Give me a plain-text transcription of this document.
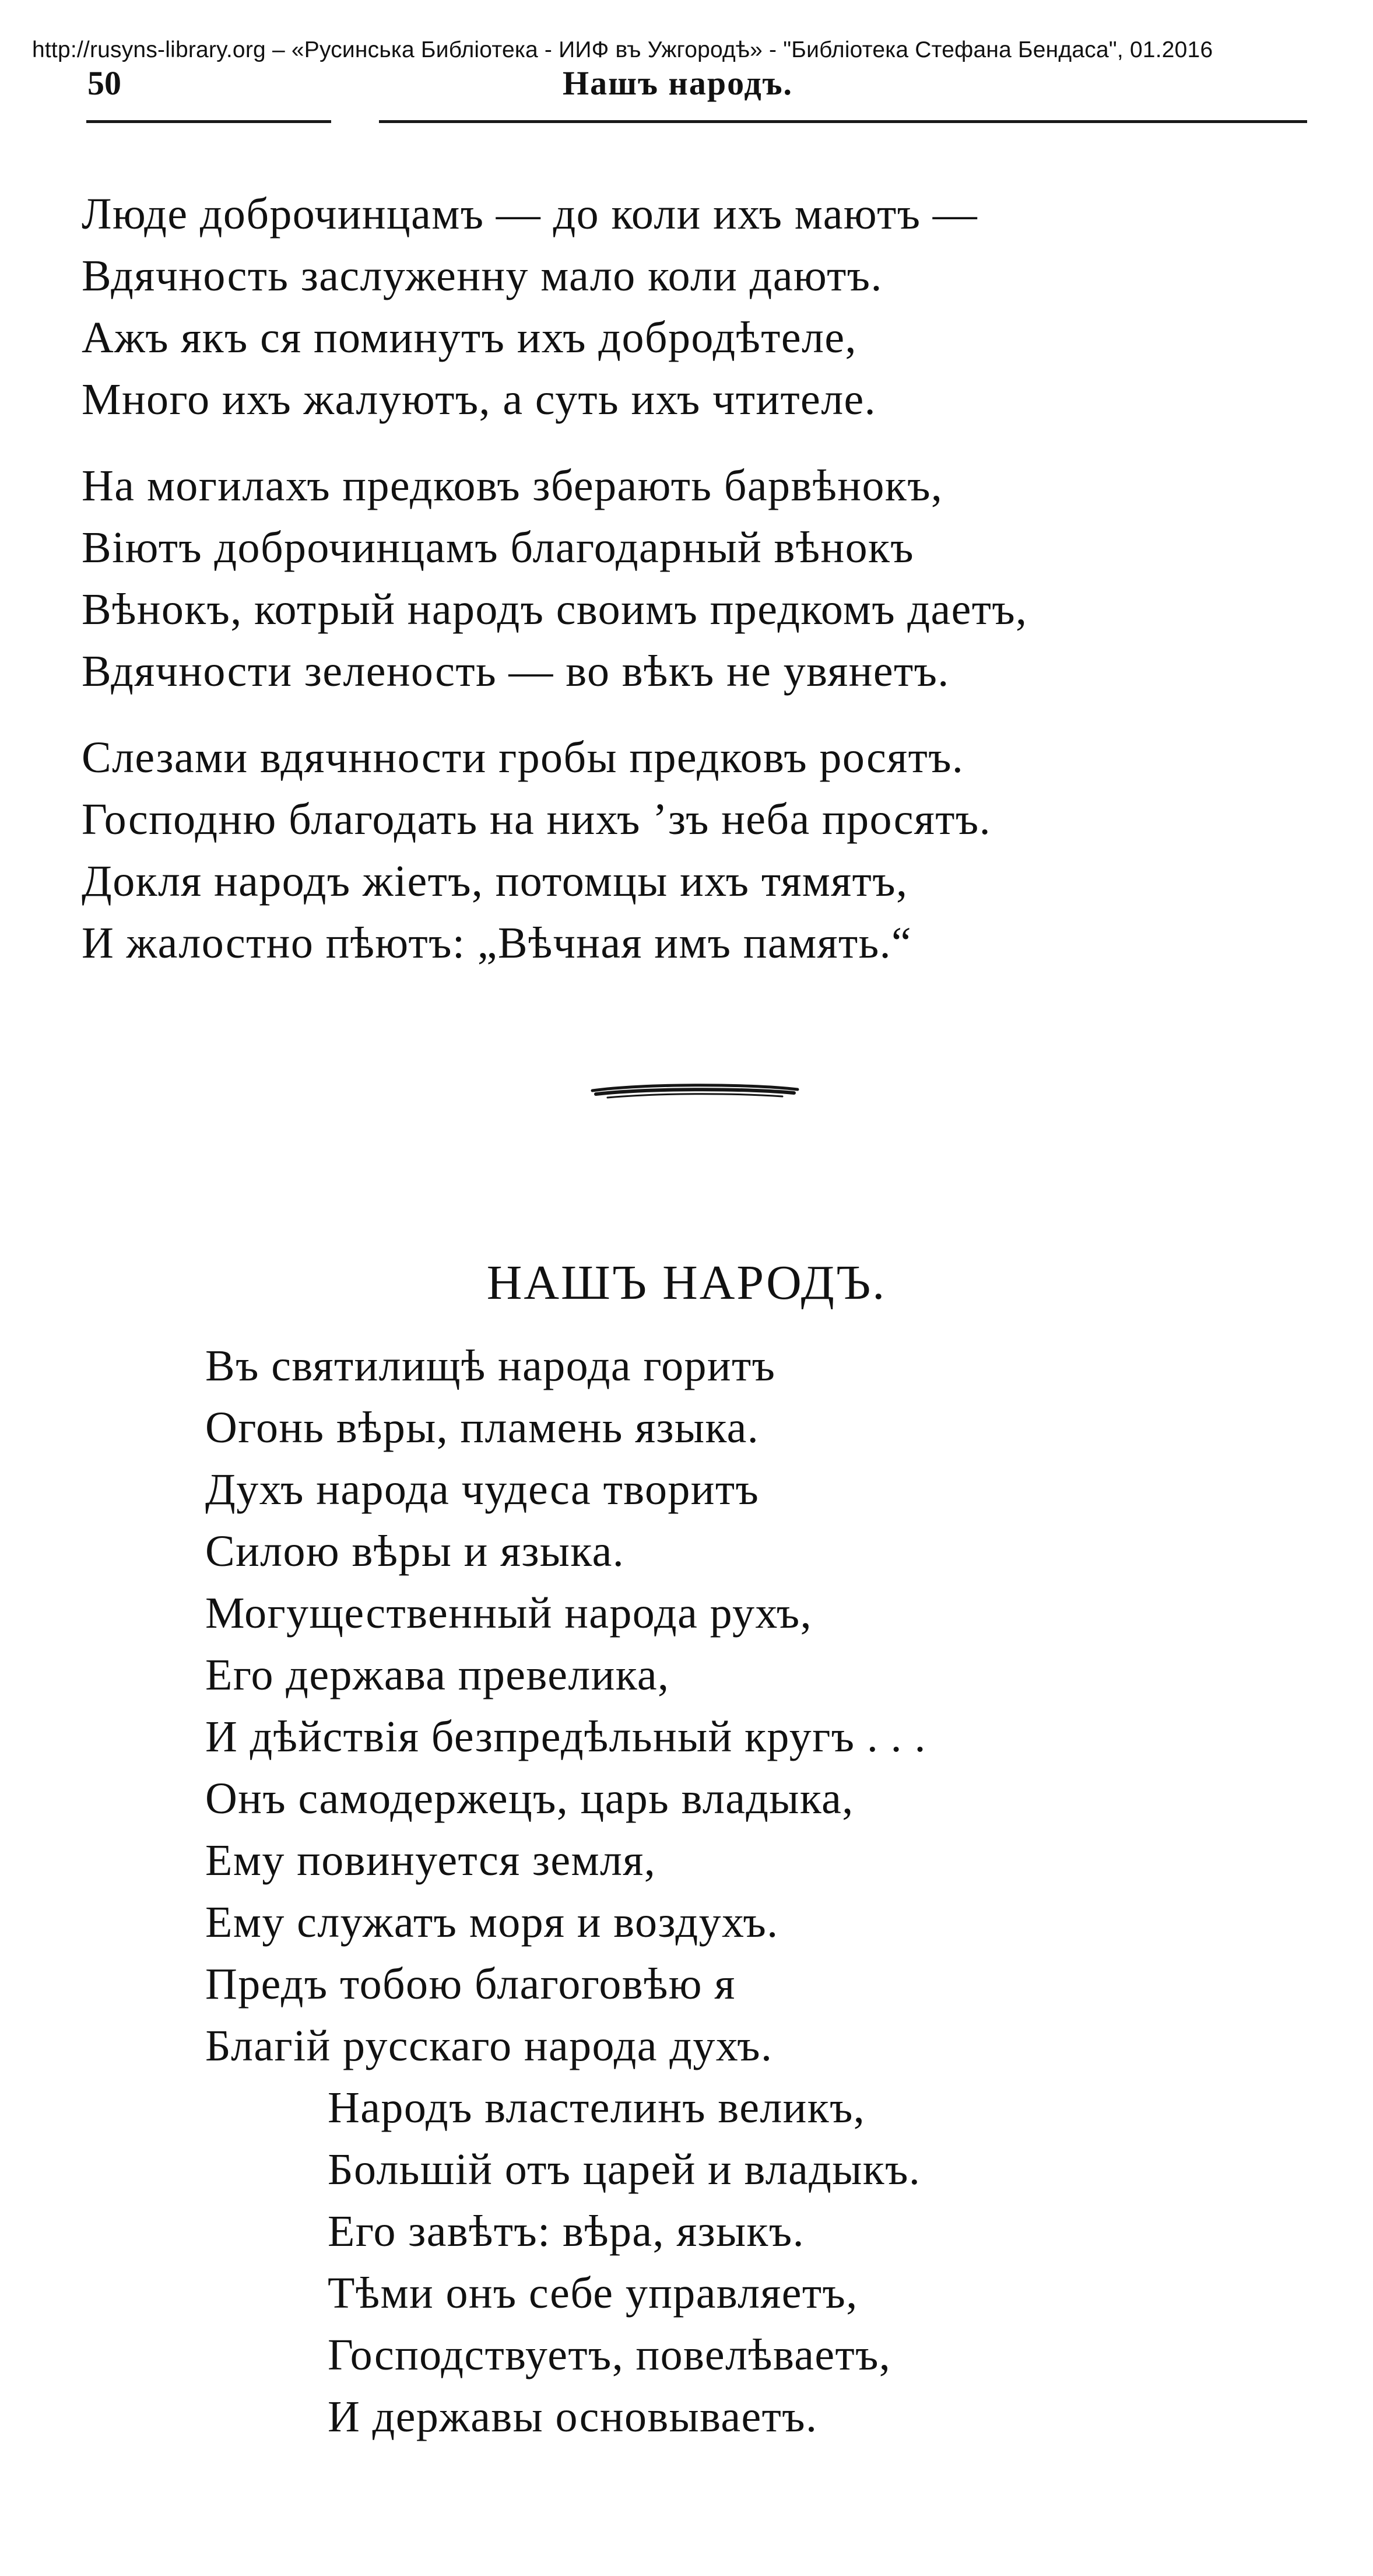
http://rusyns-library.org – «Русинська Библіотека - ИИФ въ Ужгородѣ» - "Библіотека Стефана Бендаса", 01.2016
50	Нашъ народъ.
Люде доброчинцамъ — до коли ихъ маютъ —
Вдячность заслуженну мало коли даютъ.
Ажъ якъ ся поминутъ ихъ добродѣтеле,
Много ихъ жалуютъ, а суть ихъ чтителе.
На могилахъ предковъ зберають барвѣнокъ,
Віютъ доброчинцамъ благодарный вѣнокъ
Вѣнокъ, котрый народъ своимъ предкомъ даетъ,
Вдячности зеленость — во вѣкъ не увянетъ.
Слезами вдячнности гробы предковъ росятъ.
Господню благодать на нихъ ’зъ неба просятъ.
Докля народъ жіетъ, потомцы ихъ тямятъ,
И жалостно пѣютъ: „Вѣчная имъ память.“
НАШЪ НАРОДЪ.
Въ святилищѣ народа горитъ
Огонь вѣры, пламень языка.
Духъ народа чудеса творитъ
Силою вѣры и языка.
Могущественный народа рухъ,
Его держава превелика,
И дѣйствія безпредѣльный кругъ . . .
Онъ самодержецъ, царь владыка,
Ему повинуется земля,
Ему служатъ моря и воздухъ.
Предъ тобою благоговѣю я
Благій русскаго народа духъ.
Народъ властелинъ великъ,
Большій отъ царей и владыкъ.
Его завѣтъ: вѣра, языкъ.
Тѣми онъ себе управляетъ,
Господствуетъ, повелѣваетъ,
И державы основываетъ.
